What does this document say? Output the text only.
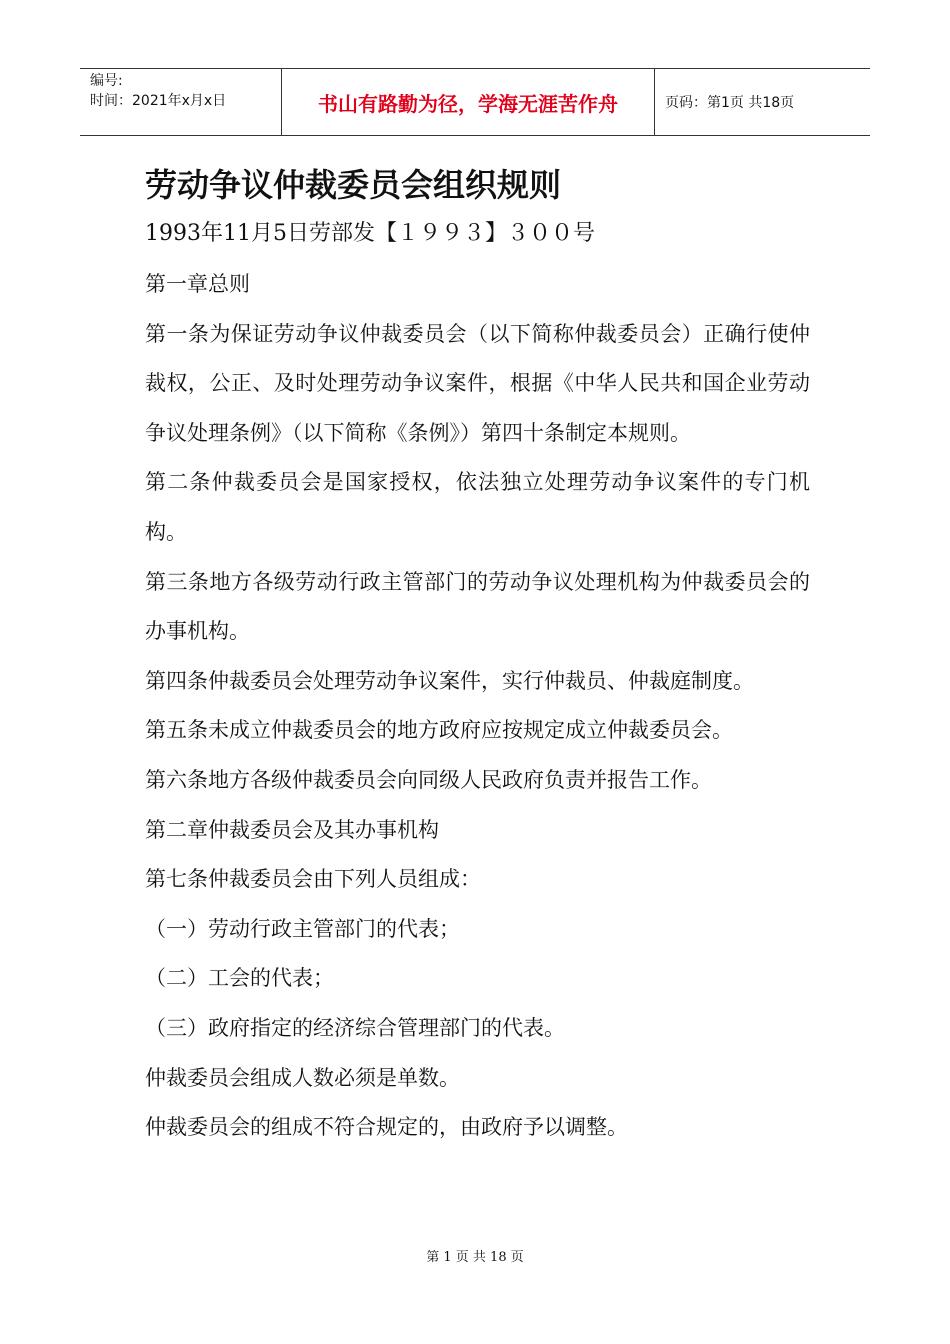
编号:
时间：2021年x月x日	书山有路勤为径，学海无涯苦作舟	页码：第1页 共18页
劳动争议仲裁委员会组织规则
1993年11月5日劳部发【１９９３】３００号

第一章总则

第一条为保证劳动争议仲裁委员会（以下简称仲裁委员会）正确行使仲裁权，公正、及时处理劳动争议案件，根据《中华人民共和国企业劳动争议处理条例》（以下简称《条例》）第四十条制定本规则。

第二条仲裁委员会是国家授权，依法独立处理劳动争议案件的专门机构。

第三条地方各级劳动行政主管部门的劳动争议处理机构为仲裁委员会的办事机构。

第四条仲裁委员会处理劳动争议案件，实行仲裁员、仲裁庭制度。

第五条未成立仲裁委员会的地方政府应按规定成立仲裁委员会。

第六条地方各级仲裁委员会向同级人民政府负责并报告工作。

第二章仲裁委员会及其办事机构

第七条仲裁委员会由下列人员组成：

（一）劳动行政主管部门的代表；

（二）工会的代表；

（三）政府指定的经济综合管理部门的代表。

仲裁委员会组成人数必须是单数。

仲裁委员会的组成不符合规定的，由政府予以调整。

第 1 页 共 18 页
